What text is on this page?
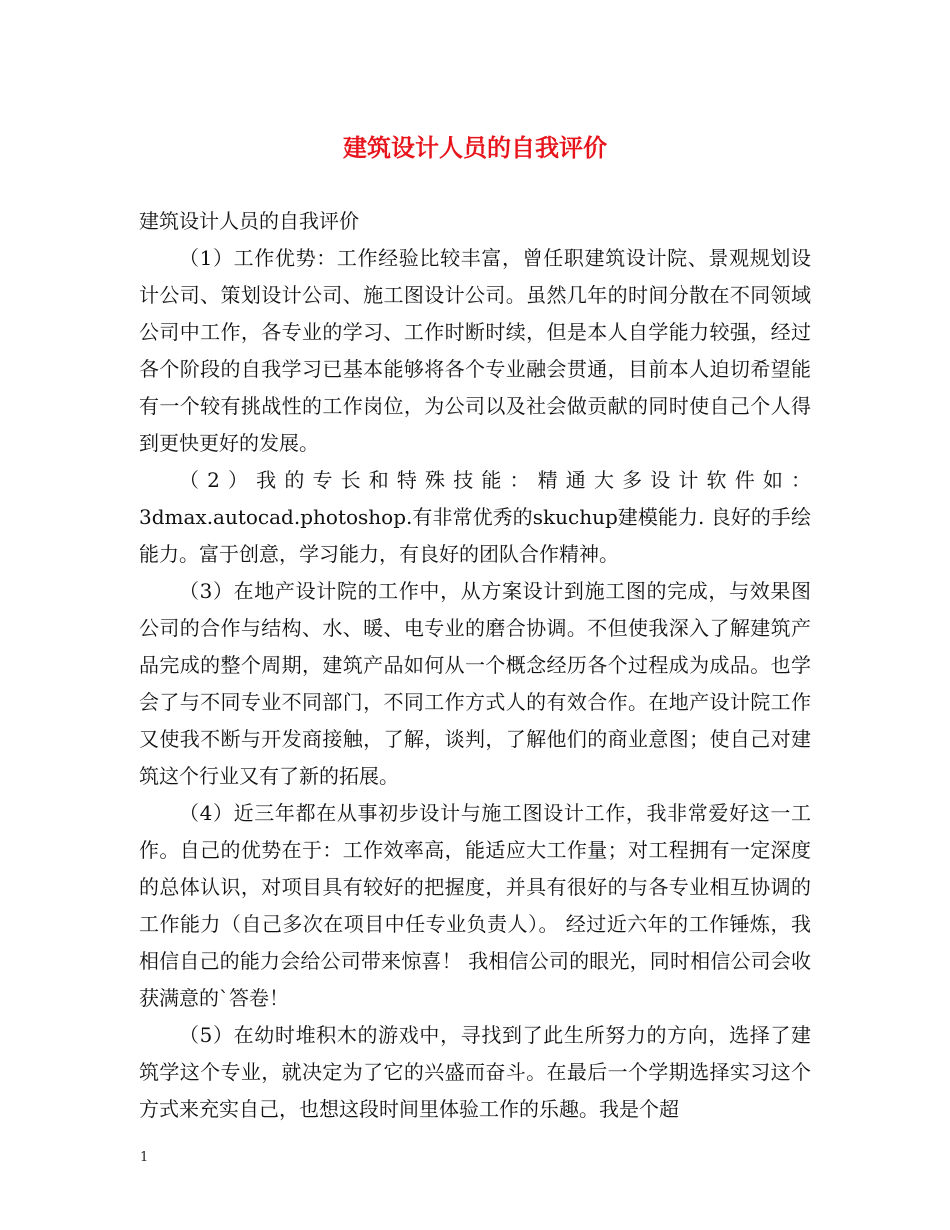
建筑设计人员的自我评价

建筑设计人员的自我评价

（1）工作优势：工作经验比较丰富，曾任职建筑设计院、景观规划设计公司、策划设计公司、施工图设计公司。虽然几年的时间分散在不同领域公司中工作，各专业的学习、工作时断时续，但是本人自学能力较强，经过各个阶段的自我学习已基本能够将各个专业融会贯通，目前本人迫切希望能有一个较有挑战性的工作岗位，为公司以及社会做贡献的同时使自己个人得到更快更好的发展。

（2）我的专长和特殊技能：精通大多设计软件如：3dmax.autocad.photoshop.有非常优秀的skuchup建模能力. 良好的手绘能力。富于创意，学习能力，有良好的团队合作精神。

（3）在地产设计院的工作中，从方案设计到施工图的完成，与效果图公司的合作与结构、水、暖、电专业的磨合协调。不但使我深入了解建筑产品完成的整个周期，建筑产品如何从一个概念经历各个过程成为成品。也学会了与不同专业不同部门，不同工作方式人的有效合作。在地产设计院工作又使我不断与开发商接触，了解，谈判，了解他们的商业意图；使自己对建筑这个行业又有了新的拓展。

（4）近三年都在从事初步设计与施工图设计工作，我非常爱好这一工作。自己的优势在于：工作效率高，能适应大工作量；对工程拥有一定深度的总体认识，对项目具有较好的把握度，并具有很好的与各专业相互协调的工作能力（自己多次在项目中任专业负责人）。 经过近六年的工作锤炼，我相信自己的能力会给公司带来惊喜！ 我相信公司的眼光，同时相信公司会收获满意的`答卷！

（5）在幼时堆积木的游戏中，寻找到了此生所努力的方向，选择了建筑学这个专业，就决定为了它的兴盛而奋斗。在最后一个学期选择实习这个方式来充实自己，也想这段时间里体验工作的乐趣。我是个超

1
